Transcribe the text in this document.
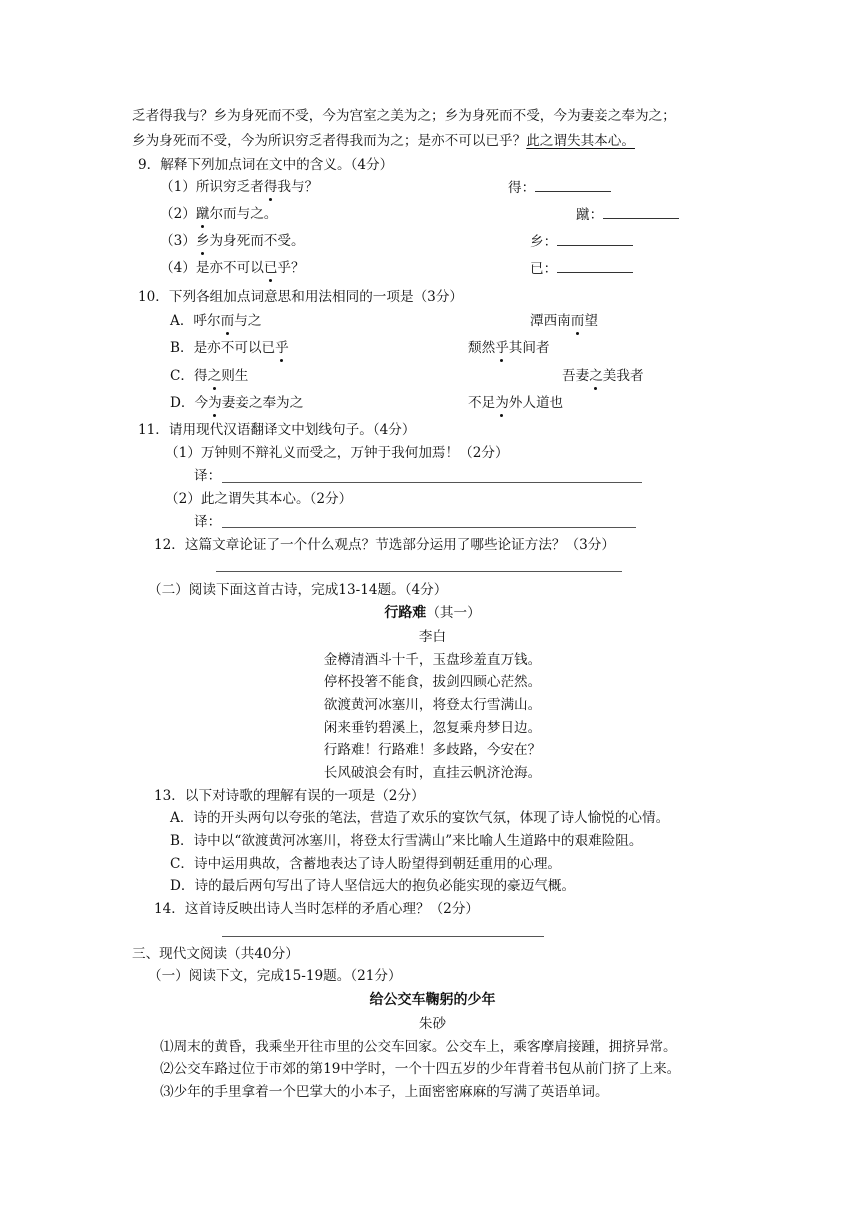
乏者得我与？乡为身死而不受，今为宫室之美为之；乡为身死而不受，今为妻妾之奉为之；
乡为身死而不受，今为所识穷乏者得我而为之；是亦不可以已乎？此之谓失其本心。
9．解释下列加点词在文中的含义。（4分）
（1）所识穷乏者得我与？	得：
（2）蹴尔而与之。	蹴：
（3）乡为身死而不受。	乡：
（4）是亦不可以已乎？	已：
10．下列各组加点词意思和用法相同的一项是（3分）
A．呼尔而与之	潭西南而望
B．是亦不可以已乎	颓然乎其间者
C．得之则生	吾妻之美我者
D．今为妻妾之奉为之	不足为外人道也
11．请用现代汉语翻译文中划线句子。（4分）
（1）万钟则不辩礼义而受之，万钟于我何加焉！（2分）
译：
（2）此之谓失其本心。（2分）
译：
12．这篇文章论证了一个什么观点？节选部分运用了哪些论证方法？（3分）
（二）阅读下面这首古诗，完成13-14题。（4分）
行路难（其一）
李白
金樽清酒斗十千，玉盘珍羞直万钱。
停杯投箸不能食，拔剑四顾心茫然。
欲渡黄河冰塞川，将登太行雪满山。
闲来垂钓碧溪上，忽复乘舟梦日边。
行路难！行路难！多歧路，今安在？
长风破浪会有时，直挂云帆济沧海。
13．以下对诗歌的理解有误的一项是（2分）
A．诗的开头两句以夸张的笔法，营造了欢乐的宴饮气氛，体现了诗人愉悦的心情。
B．诗中以“欲渡黄河冰塞川，将登太行雪满山”来比喻人生道路中的艰难险阻。
C．诗中运用典故，含蓄地表达了诗人盼望得到朝廷重用的心理。
D．诗的最后两句写出了诗人坚信远大的抱负必能实现的豪迈气概。
14．这首诗反映出诗人当时怎样的矛盾心理？（2分）
三、现代文阅读（共40分）
（一）阅读下文，完成15-19题。（21分）
给公交车鞠躬的少年
朱砂
⑴周末的黄昏，我乘坐开往市里的公交车回家。公交车上，乘客摩肩接踵，拥挤异常。
⑵公交车路过位于市郊的第19中学时，一个十四五岁的少年背着书包从前门挤了上来。
⑶少年的手里拿着一个巴掌大的小本子，上面密密麻麻的写满了英语单词。
